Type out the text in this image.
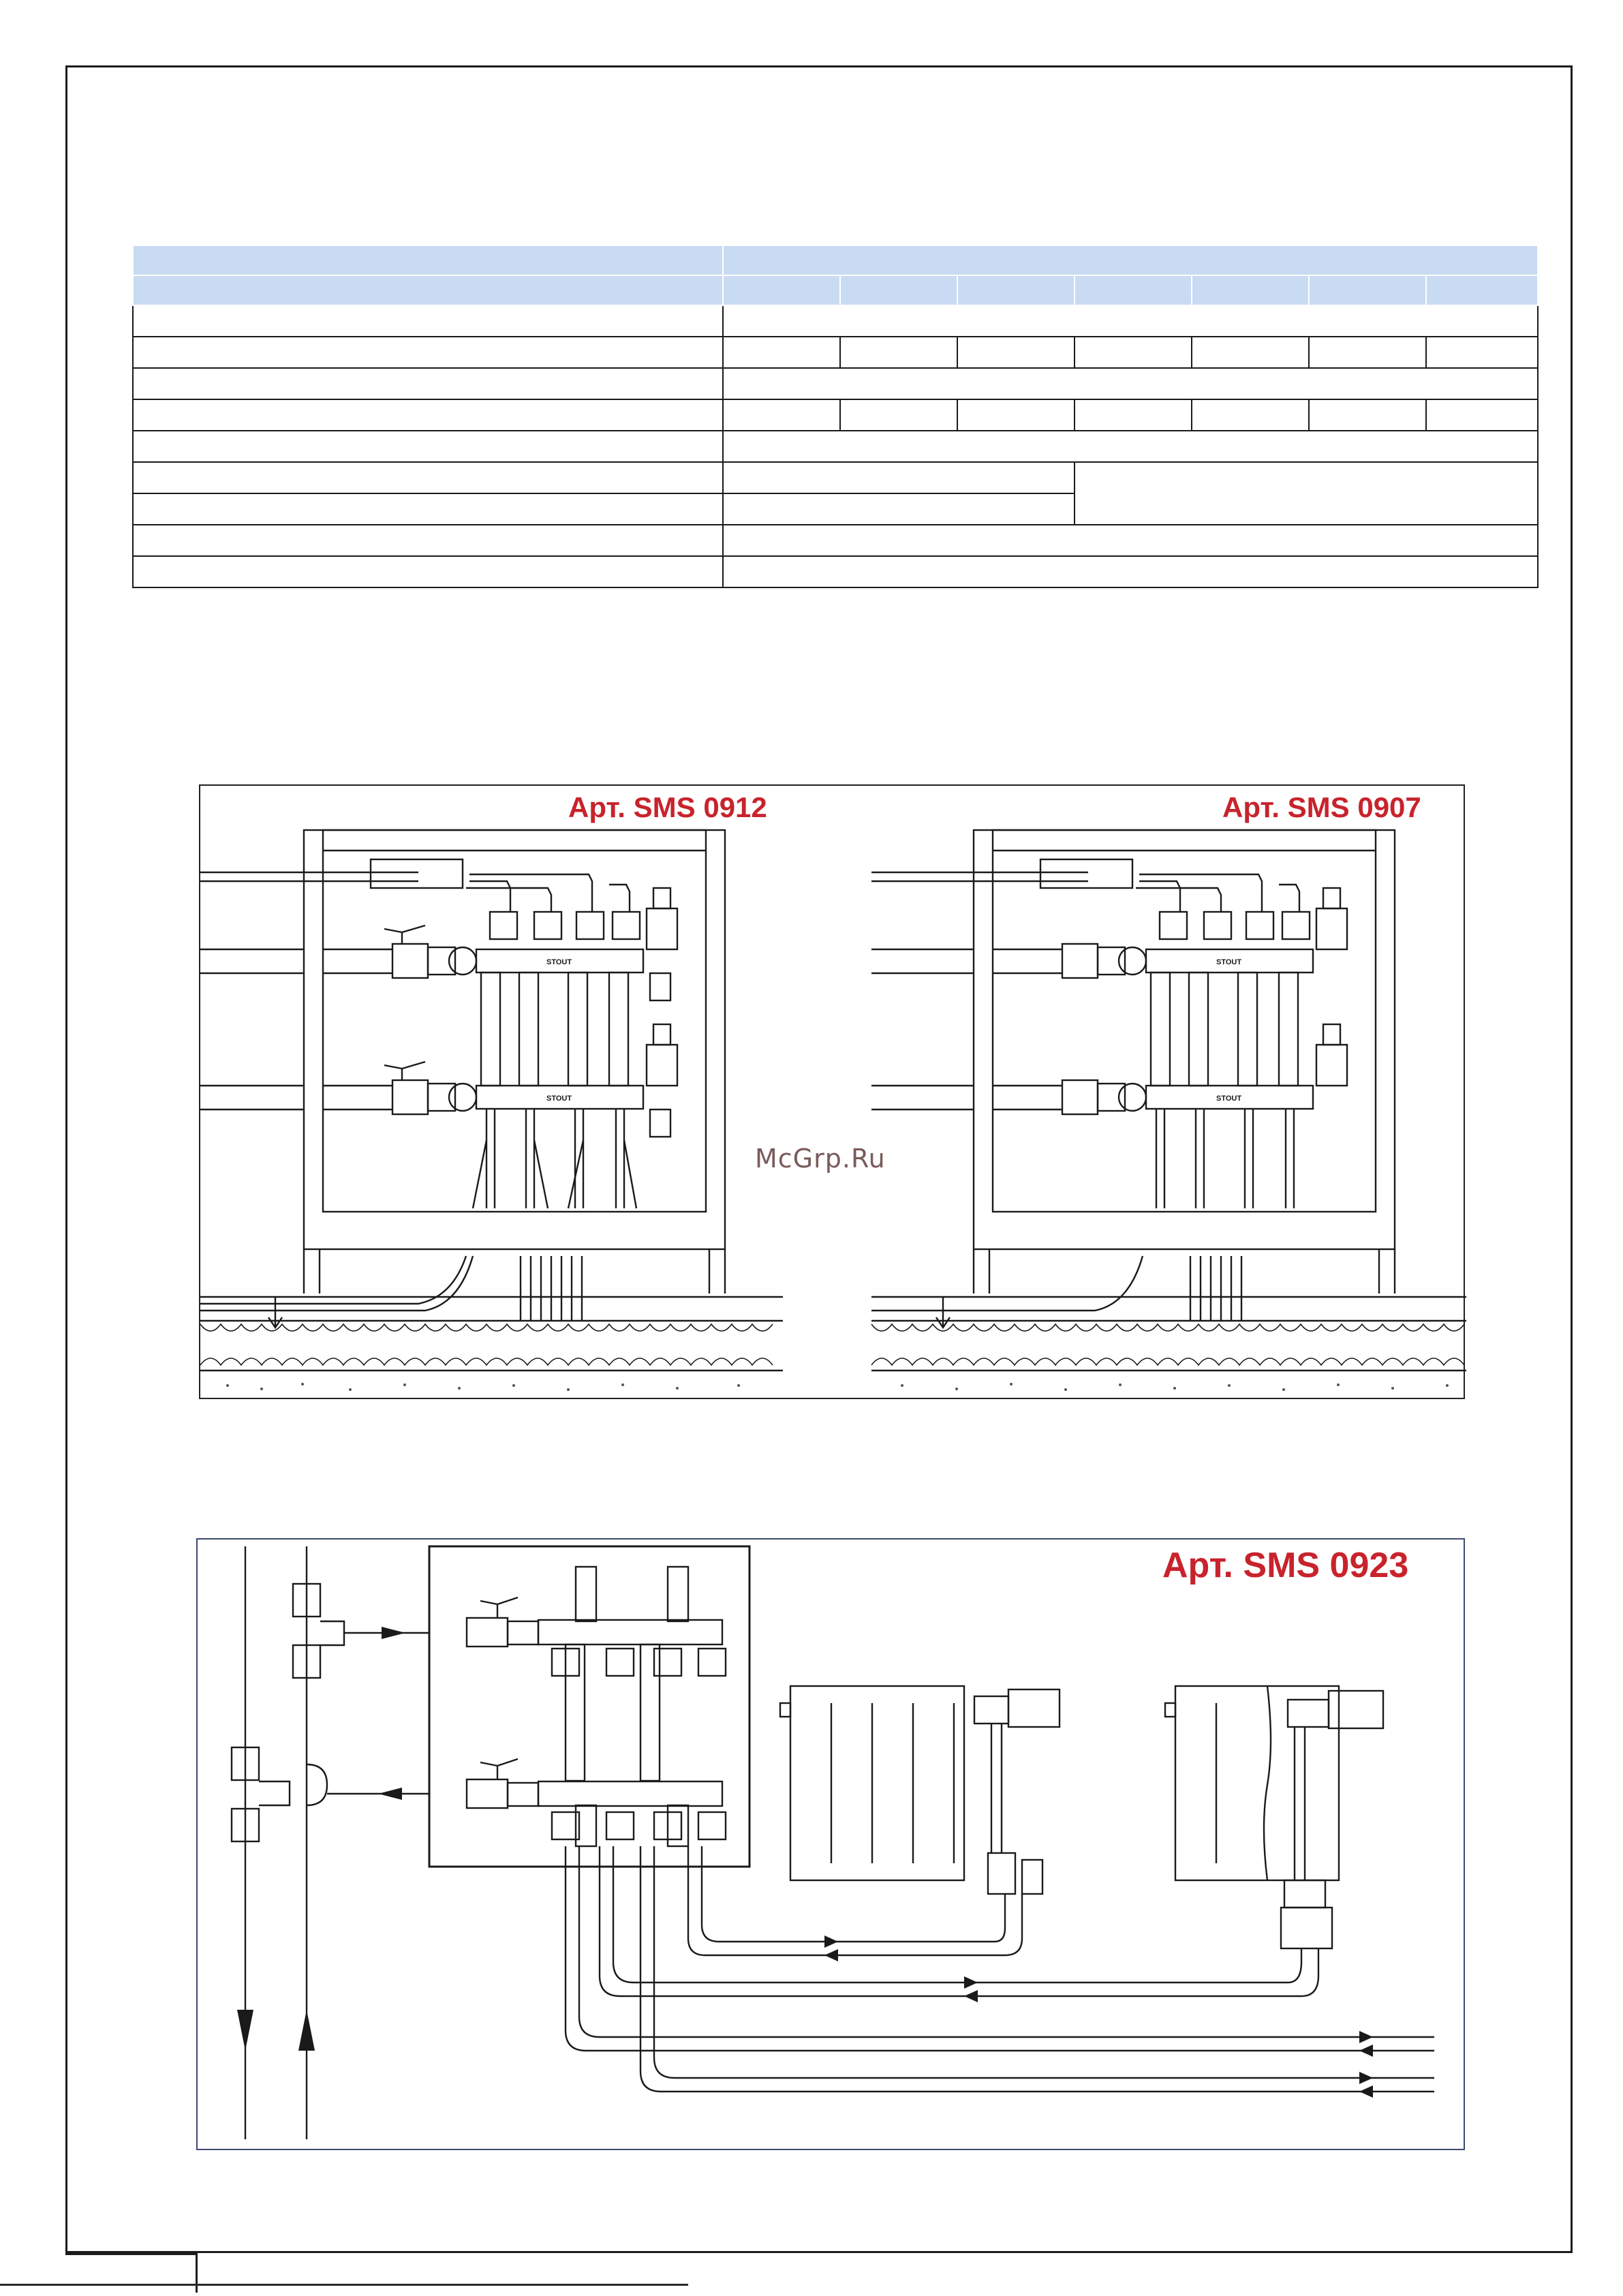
STOUT
STOUT
STOUT
STOUT
Арт. SMS 0912	Арт. SMS 0907
McGrp.Ru
Арт. SMS 0923
